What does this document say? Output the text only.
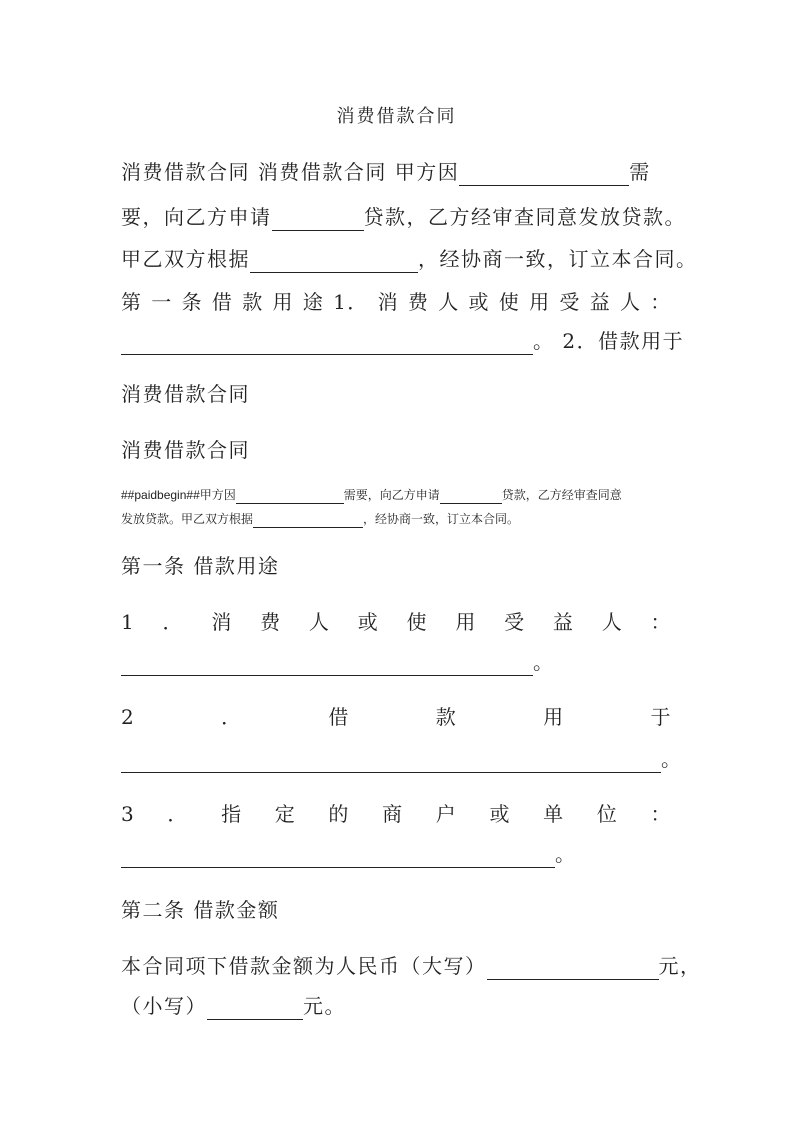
消费借款合同
消费借款合同 消费借款合同 甲方因	需
要，向乙方申请	贷款，乙方经审查同意发放贷款。
甲乙双方根据	，经协商一致，订立本合同。
第 一 条 借 款 用 途 1． 消 费 人 或 使 用 受 益 人 ：
。 2．借款用于
消费借款合同
消费借款合同
##paidbegin##甲方因	需要，向乙方申请	贷款，乙方经审查同意
发放贷款。甲乙双方根据	，经协商一致，订立本合同。
第一条 借款用途
1 ． 消 费 人 或 使 用 受 益 人 ：
。
2	．	借	款	用	于
。
3 ． 指 定 的 商 户 或 单 位 ：
。
第二条 借款金额
本合同项下借款金额为人民币（大写）	元，
（小写）	元。
